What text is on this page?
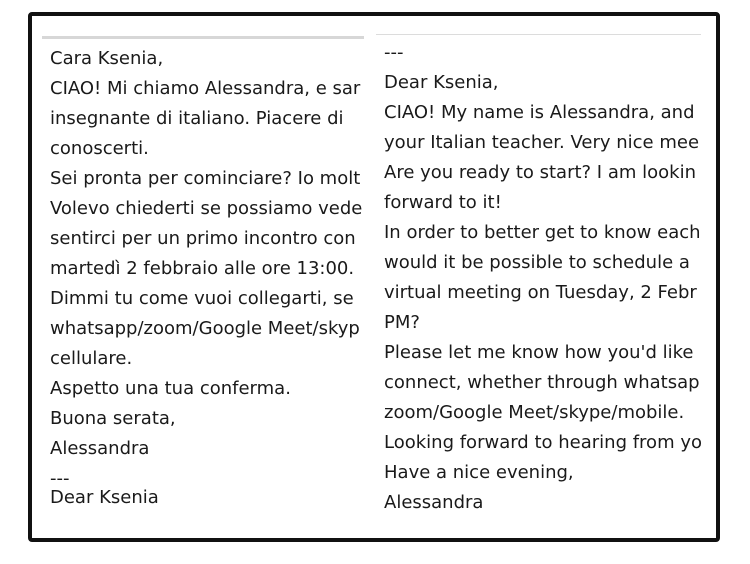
Cara Ksenia,
CIAO! Mi chiamo Alessandra, e sar
insegnante di italiano. Piacere di
conoscerti.
Sei pronta per cominciare? Io molt
Volevo chiederti se possiamo vede
sentirci per un primo incontro con
martedì 2 febbraio alle ore 13:00.
Dimmi tu come vuoi collegarti, se
whatsapp/zoom/Google Meet/skyp
cellulare.
Aspetto una tua conferma.
Buona serata,
Alessandra
---
Dear Ksenia
---
Dear Ksenia,
CIAO! My name is Alessandra, and
your Italian teacher. Very nice mee
Are you ready to start? I am lookin
forward to it!
In order to better get to know each
would it be possible to schedule a
virtual meeting on Tuesday, 2 Febr
PM?
Please let me know how you'd like
connect, whether through whatsap
zoom/Google Meet/skype/mobile.
Looking forward to hearing from yo
Have a nice evening,
Alessandra
